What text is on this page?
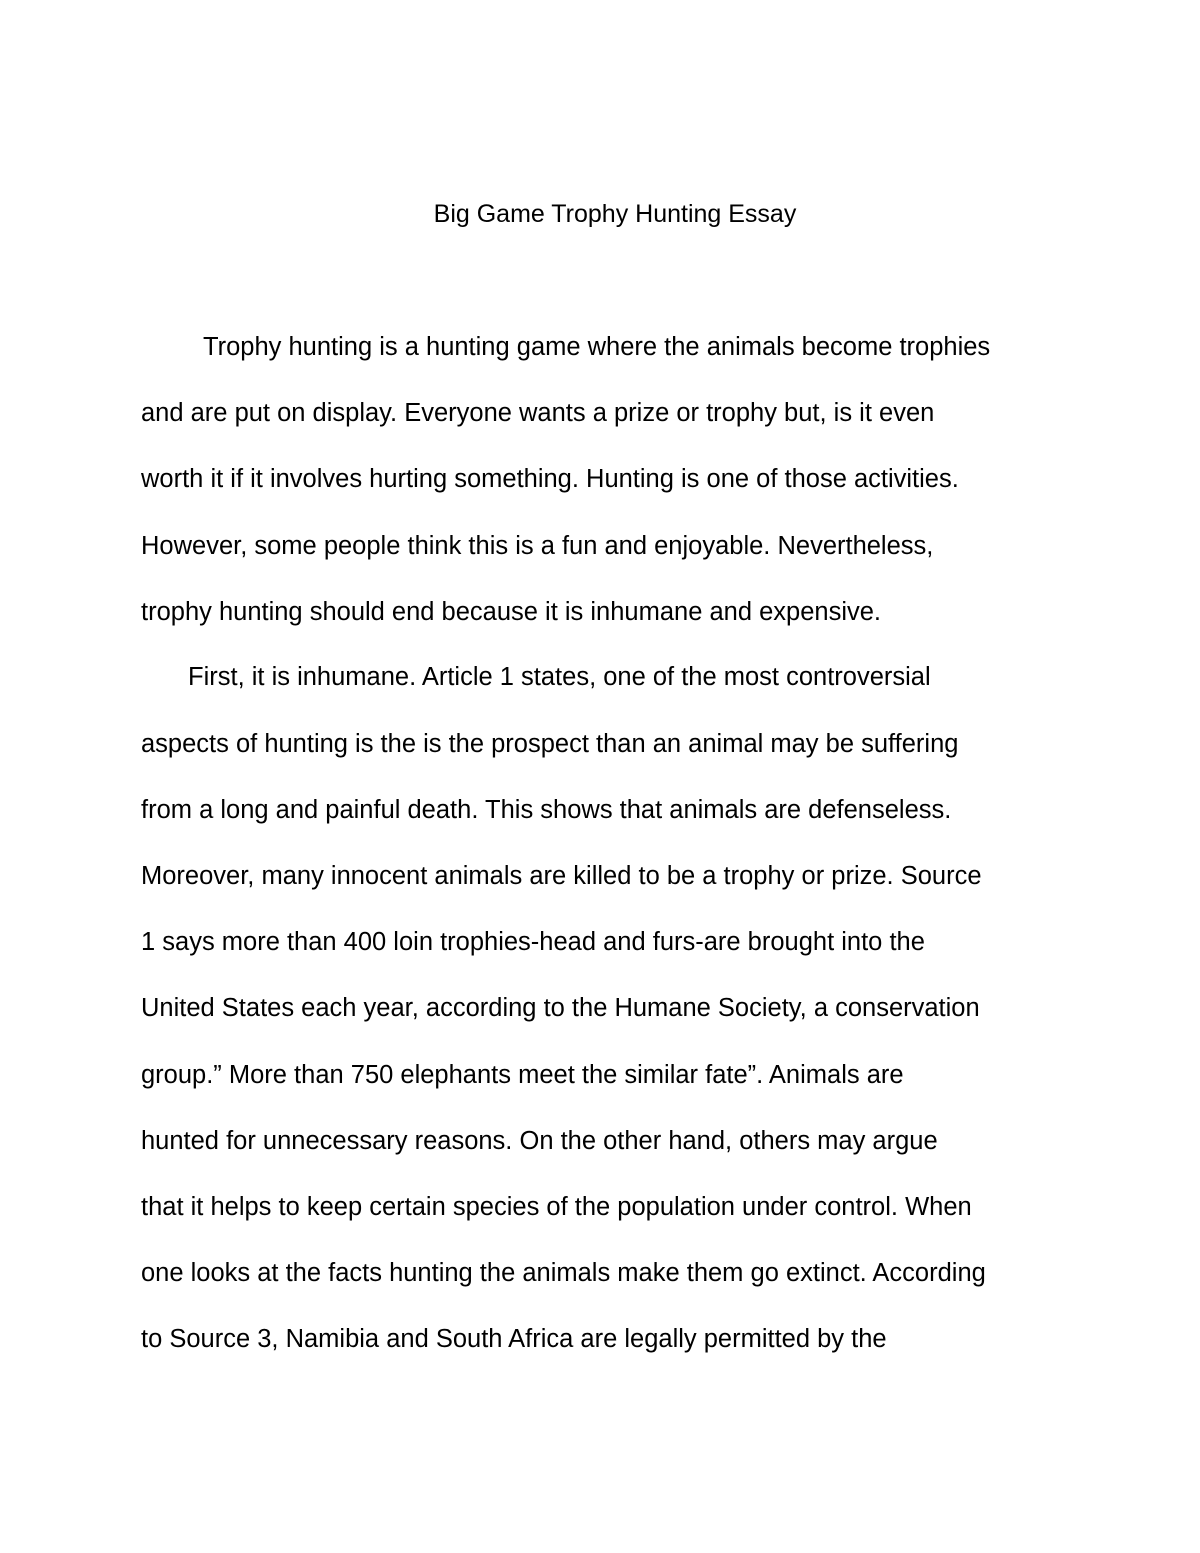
Big Game Trophy Hunting Essay
Trophy hunting is a hunting game where the animals become trophies
and are put on display. Everyone wants a prize or trophy but, is it even
worth it if it involves hurting something. Hunting is one of those activities.
However, some people think this is a fun and enjoyable. Nevertheless,
trophy hunting should end because it is inhumane and expensive.
First, it is inhumane. Article 1 states, one of the most controversial
aspects of hunting is the is the prospect than an animal may be suffering
from a long and painful death. This shows that animals are defenseless.
Moreover, many innocent animals are killed to be a trophy or prize. Source
1 says more than 400 loin trophies-head and furs-are brought into the
United States each year, according to the Humane Society, a conservation
group.” More than 750 elephants meet the similar fate”. Animals are
hunted for unnecessary reasons. On the other hand, others may argue
that it helps to keep certain species of the population under control. When
one looks at the facts hunting the animals make them go extinct. According
to Source 3, Namibia and South Africa are legally permitted by the
